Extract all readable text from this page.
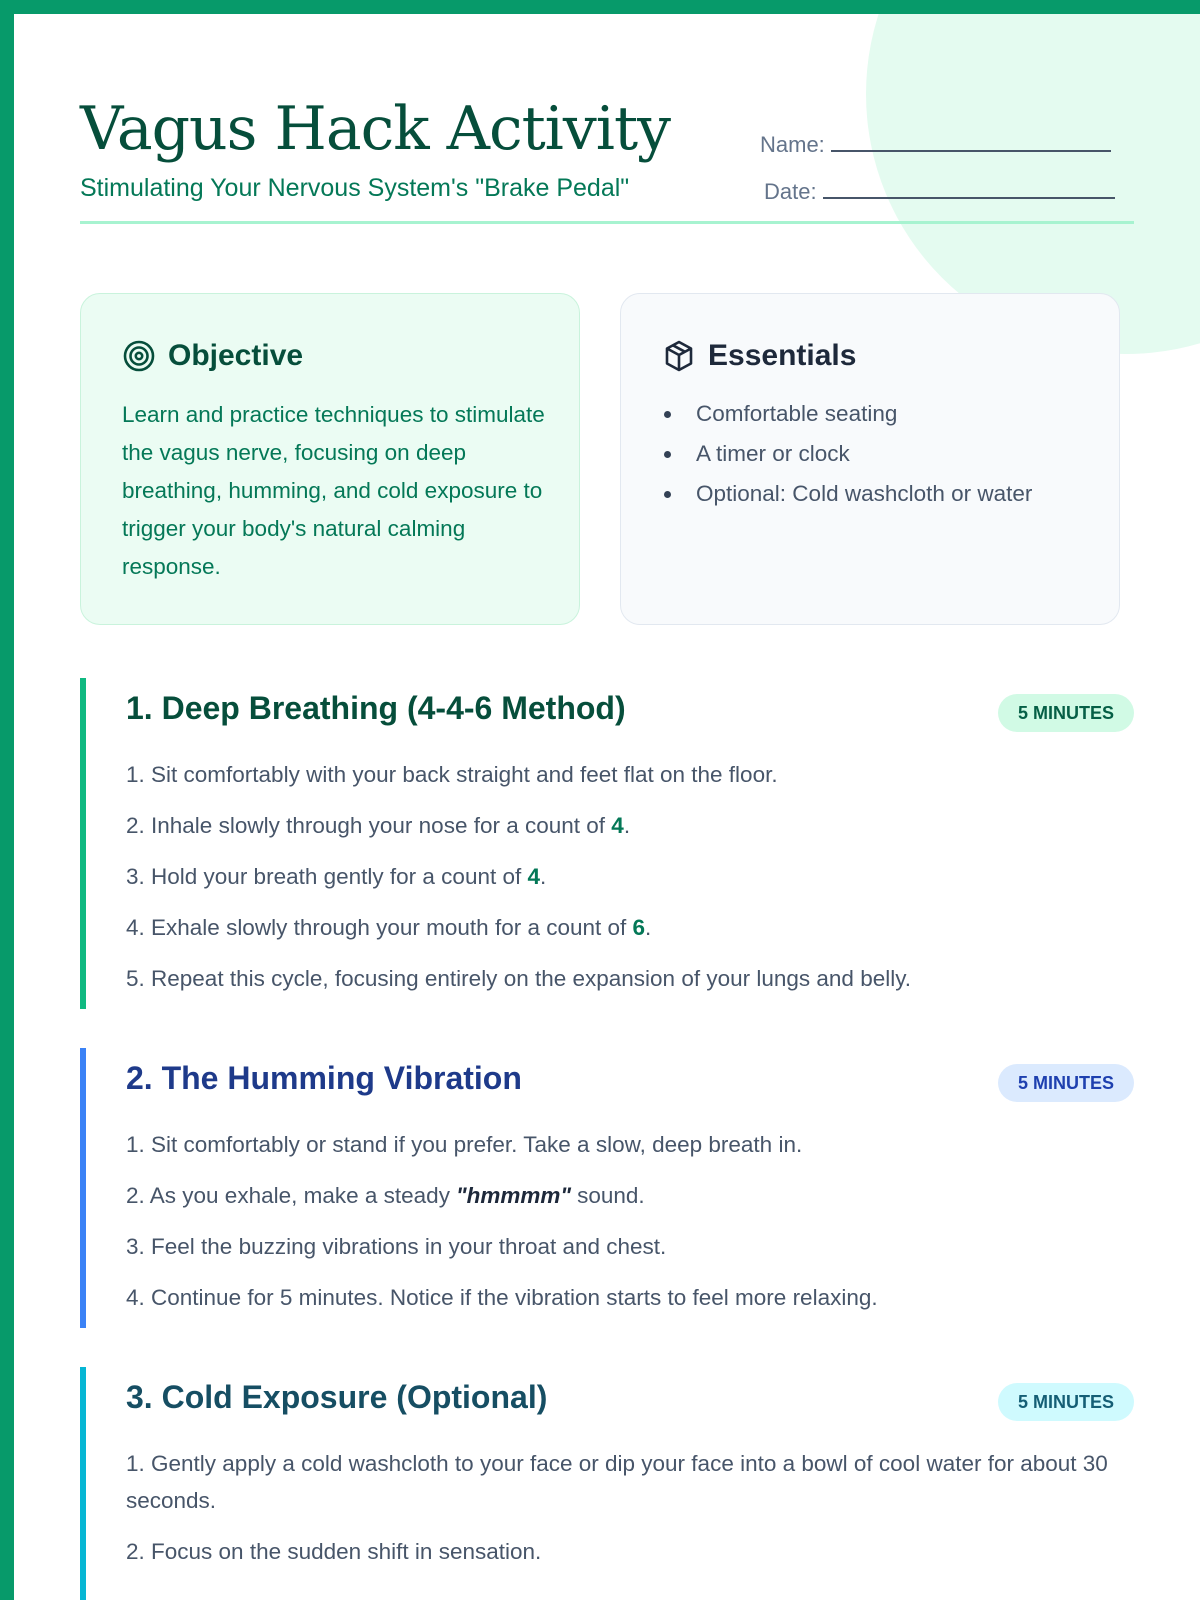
Vagus Hack Activity
Stimulating Your Nervous System's "Brake Pedal"
Name:
Date:
Objective
Learn and practice techniques to stimulate the vagus nerve, focusing on deep breathing, humming, and cold exposure to trigger your body's natural calming response.
Essentials
Comfortable seating
A timer or clock
Optional: Cold washcloth or water
1. Deep Breathing (4-4-6 Method)	5 MINUTES
1. Sit comfortably with your back straight and feet flat on the floor.
2. Inhale slowly through your nose for a count of 4.
3. Hold your breath gently for a count of 4.
4. Exhale slowly through your mouth for a count of 6.
5. Repeat this cycle, focusing entirely on the expansion of your lungs and belly.
2. The Humming Vibration	5 MINUTES
1. Sit comfortably or stand if you prefer. Take a slow, deep breath in.
2. As you exhale, make a steady "hmmmm" sound.
3. Feel the buzzing vibrations in your throat and chest.
4. Continue for 5 minutes. Notice if the vibration starts to feel more relaxing.
3. Cold Exposure (Optional)	5 MINUTES
1. Gently apply a cold washcloth to your face or dip your face into a bowl of cool water for about 30 seconds.
2. Focus on the sudden shift in sensation.
